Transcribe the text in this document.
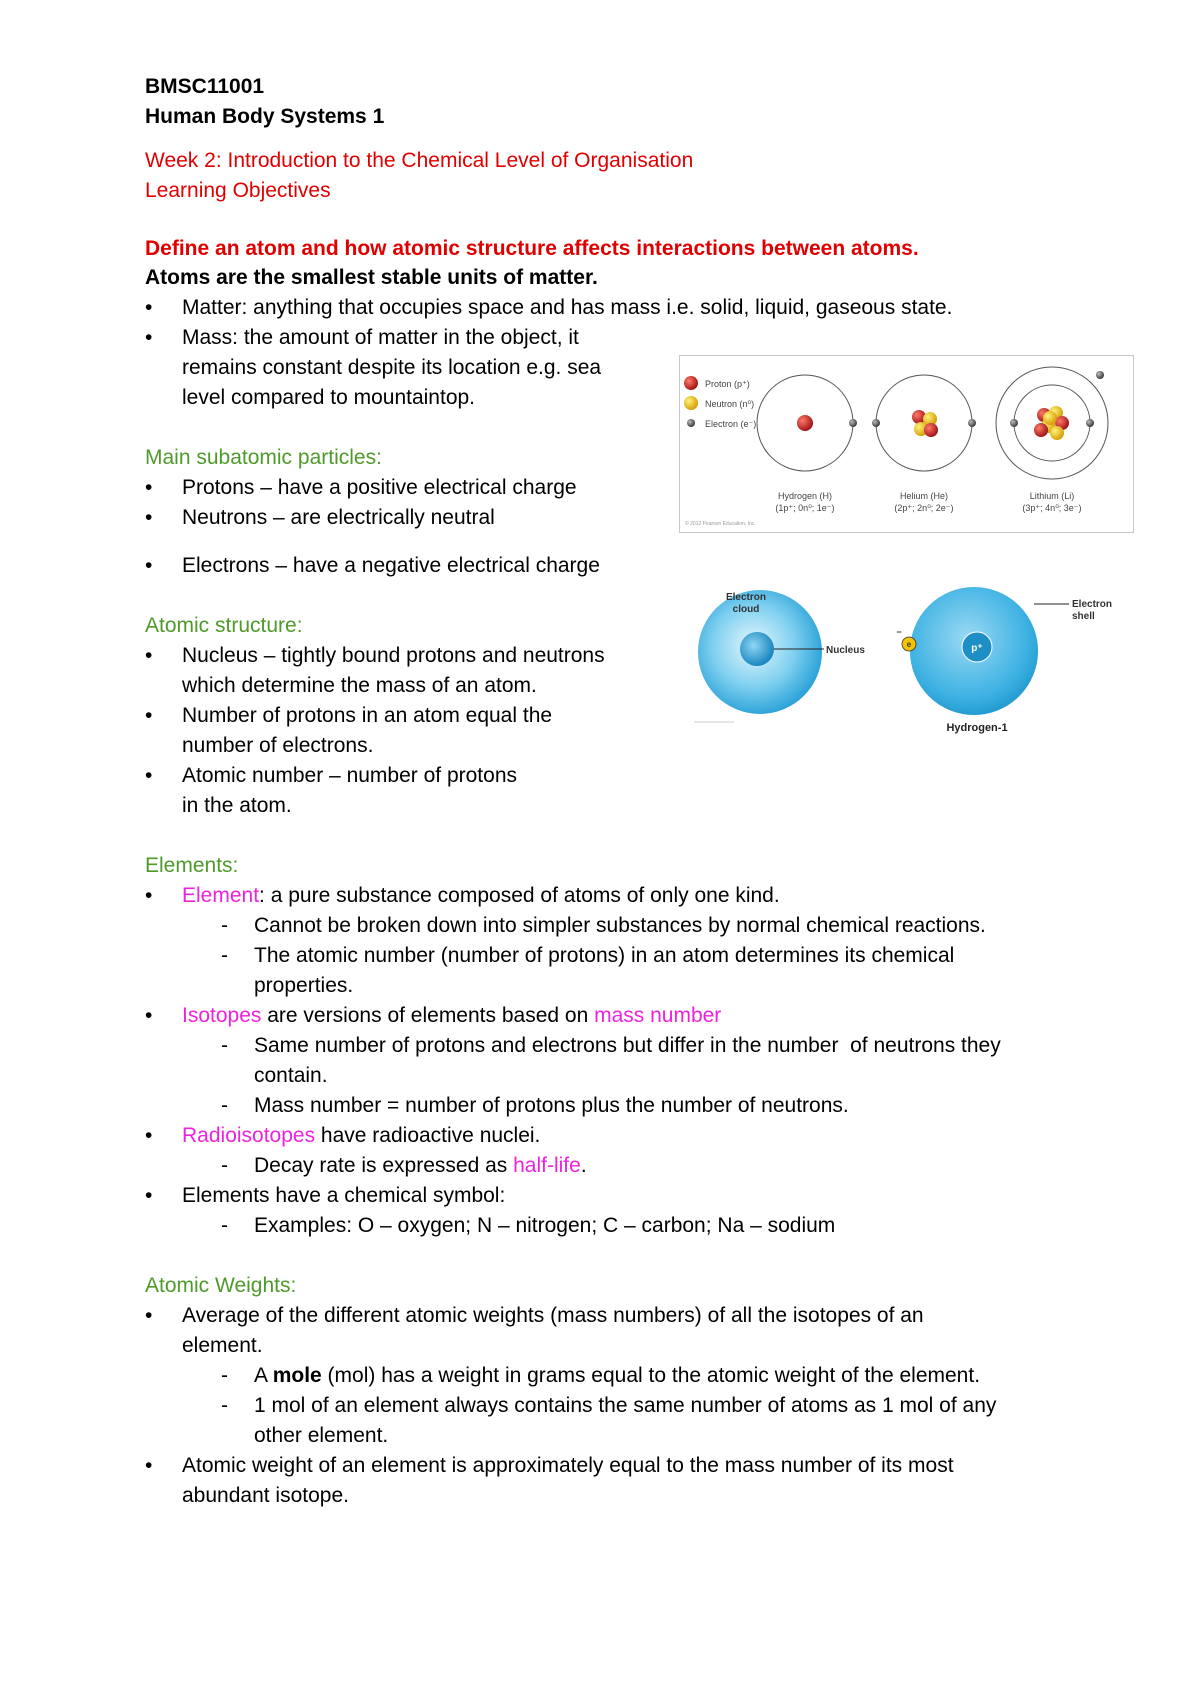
BMSC11001
Human Body Systems 1
Week 2: Introduction to the Chemical Level of Organisation
Learning Objectives
Define an atom and how atomic structure affects interactions between atoms.
Atoms are the smallest stable units of matter.
• Matter: anything that occupies space and has mass i.e. solid, liquid, gaseous state.
• Mass: the amount of matter in the object, it
remains constant despite its location e.g. sea
level compared to mountaintop.
Main subatomic particles:
• Protons – have a positive electrical charge
• Neutrons – are electrically neutral
• Electrons – have a negative electrical charge
Atomic structure:
• Nucleus – tightly bound protons and neutrons
which determine the mass of an atom.
• Number of protons in an atom equal the
number of electrons.
• Atomic number – number of protons
in the atom.
Elements:
• Element: a pure substance composed of atoms of only one kind.
- Cannot be broken down into simpler substances by normal chemical reactions.
- The atomic number (number of protons) in an atom determines its chemical
properties.
• Isotopes are versions of elements based on mass number
- Same number of protons and electrons but differ in the number  of neutrons they
contain.
- Mass number = number of protons plus the number of neutrons.
• Radioisotopes have radioactive nuclei.
- Decay rate is expressed as half-life.
• Elements have a chemical symbol:
- Examples: O – oxygen; N – nitrogen; C – carbon; Na – sodium
Atomic Weights:
• Average of the different atomic weights (mass numbers) of all the isotopes of an
element.
- A mole (mol) has a weight in grams equal to the atomic weight of the element.
- 1 mol of an element always contains the same number of atoms as 1 mol of any
other element.
• Atomic weight of an element is approximately equal to the mass number of its most
abundant isotope.
Proton (p⁺)
Neutron (n⁰)
Electron (e⁻)
Hydrogen (H)
(1p⁺; 0n⁰; 1e⁻)
Helium (He)
(2p⁺; 2n⁰; 2e⁻)
Lithium (Li)
(3p⁺; 4n⁰; 3e⁻)
© 2012 Pearson Education, Inc.
Electron
cloud
Nucleus	p⁺
e
−
Electron
shell
Hydrogen-1
